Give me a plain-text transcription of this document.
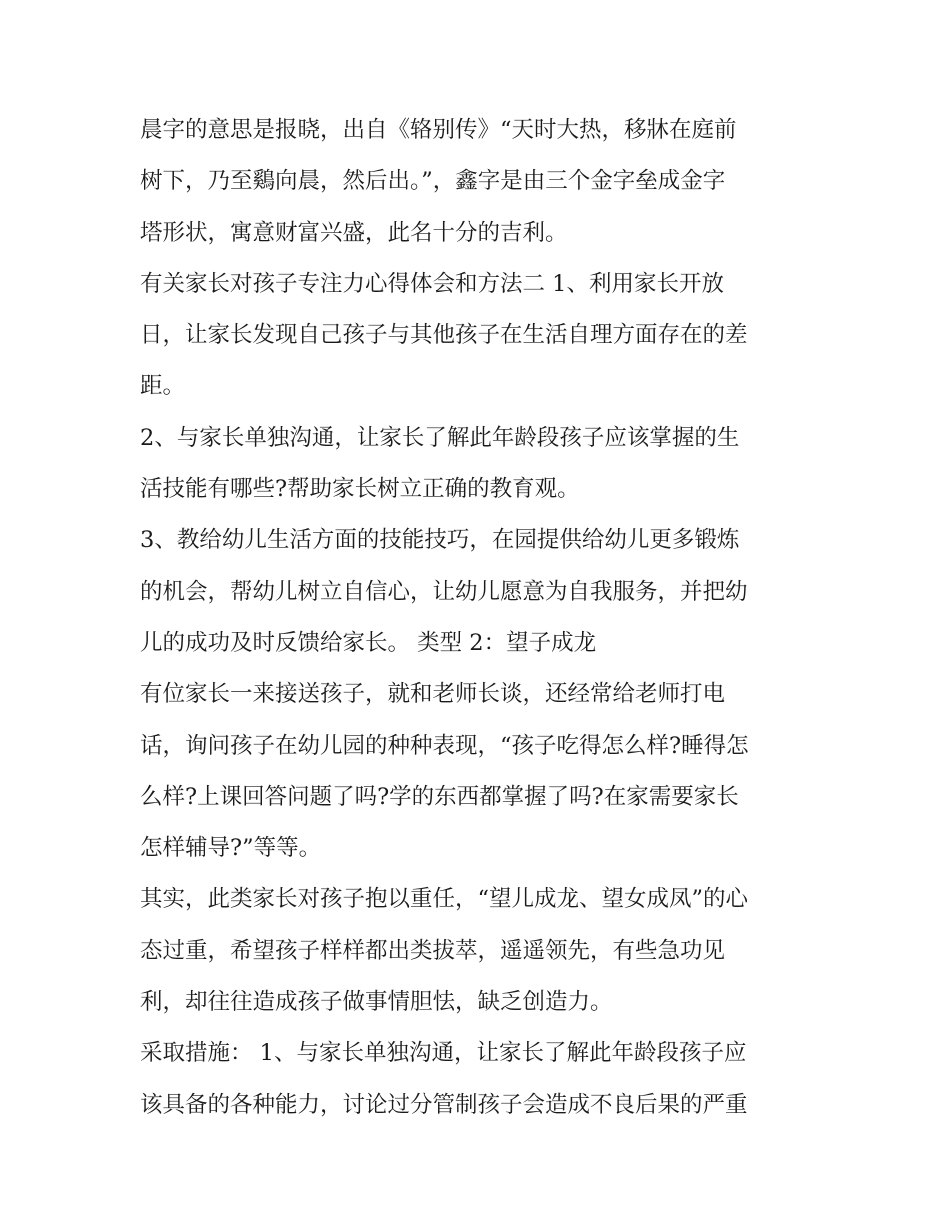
晨字的意思是报晓，出自《辂别传》“天时大热，移牀在庭前
树下，乃至鷄向晨，然后出。”，鑫字是由三个金字垒成金字
塔形状，寓意财富兴盛，此名十分的吉利。

有关家长对孩子专注力心得体会和方法二 1、利用家长开放
日，让家长发现自己孩子与其他孩子在生活自理方面存在的差
距。

2、与家长单独沟通，让家长了解此年龄段孩子应该掌握的生
活技能有哪些?帮助家长树立正确的教育观。

3、教给幼儿生活方面的技能技巧，在园提供给幼儿更多锻炼
的机会，帮幼儿树立自信心，让幼儿愿意为自我服务，并把幼
儿的成功及时反馈给家长。 类型 2：望子成龙

有位家长一来接送孩子，就和老师长谈，还经常给老师打电
话，询问孩子在幼儿园的种种表现，“孩子吃得怎么样?睡得怎
么样?上课回答问题了吗?学的东西都掌握了吗?在家需要家长
怎样辅导?”等等。

其实，此类家长对孩子抱以重任，“望儿成龙、望女成凤”的心
态过重，希望孩子样样都出类拔萃，遥遥领先，有些急功见
利，却往往造成孩子做事情胆怯，缺乏创造力。

采取措施： 1、与家长单独沟通，让家长了解此年龄段孩子应
该具备的各种能力，讨论过分管制孩子会造成不良后果的严重
